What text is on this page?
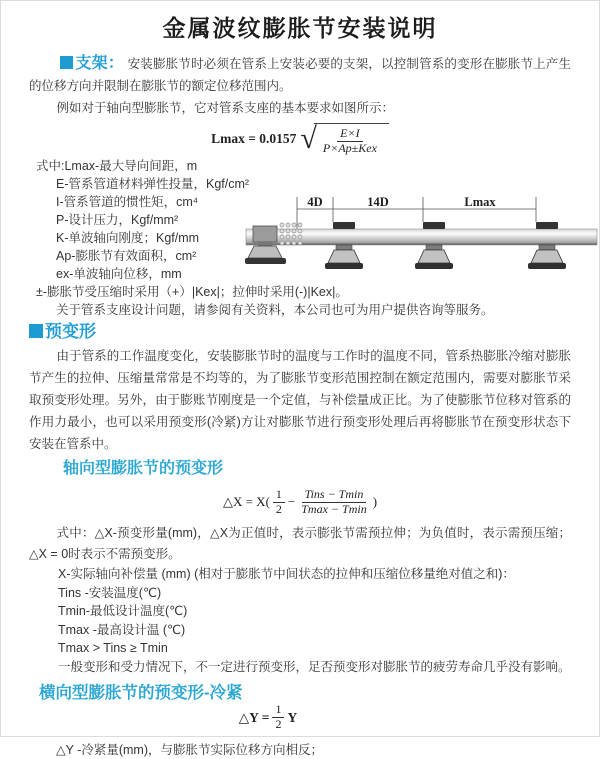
金属波纹膨胀节安装说明

支架： 安装膨胀节时必须在管系上安装必要的支架，以控制管系的变形在膨胀节上产生的位移方向并限制在膨胀节的额定位移范围内。

例如对于轴向型膨胀节，它对管系支座的基本要求如图所示：

Lmax = 0.0157 √ $\frac{E\times I}{\text{P×Ap±Kex}}$
式中:Lmax-最大导向间距，m
E-管系管道材料弹性投量，Kgf/cm²
I-管系管道的惯性矩，cm⁴
P-设计压力，Kgf/mm²
K-单波轴向刚度；Kgf/mm
Ap-膨胀节有效面积，cm²
ex-单波轴向位移，mm
±-膨胀节受压缩时采用（+）|Kex|；拉伸时采用(-)|Kex|。
关于管系支座设计问题，请参阅有关资料，本公司也可为用户提供咨询等服务。
4D	14D	Lmax
预变形

由于管系的工作温度变化，安装膨胀节时的温度与工作时的温度不同，管系热膨胀冷缩对膨胀节产生的拉伸、压缩量常常是不均等的，为了膨胀节变形范围控制在额定范围内，需要对膨胀节采取预变形处理。另外，由于膨账节刚度是一个定值，与补偿量成正比。为了使膨胀节位移对管系的作用力最小，也可以采用预变形(冷紧)方让对膨胀节进行预变形处理后再将膨胀节在预变形状态下安装在管系中。

轴向型膨胀节的预变形
△X = $X( \frac{1}{2} - \frac{\text{Tins − Tmin}}{Tmax - Tmin}$ )

式中：△X-预变形量(mm)，△X为正值时，表示膨张节需预拉伸；为负值时，表示需预压缩；△X = 0时表示不需预变形。

X-实际轴向补偿量 (mm) (相对于膨胀节中间状态的拉伸和压缩位移量绝对值之和)：
Tins -安装温度(℃)
Tmin-最低设计温度(℃)
Tmax -最高设计温 (℃)
Tmax > Tins ≥ Tmin
一般变形和受力情况下，不一定进行预变形，足否预变形对膨胀节的疲劳寿命几乎没有影响。
横向型膨胀节的预变形-冷紧
△Y = $\frac{1}{2}$ Y
△Y -冷紧量(mm)，与膨胀节实际位移方向相反；
